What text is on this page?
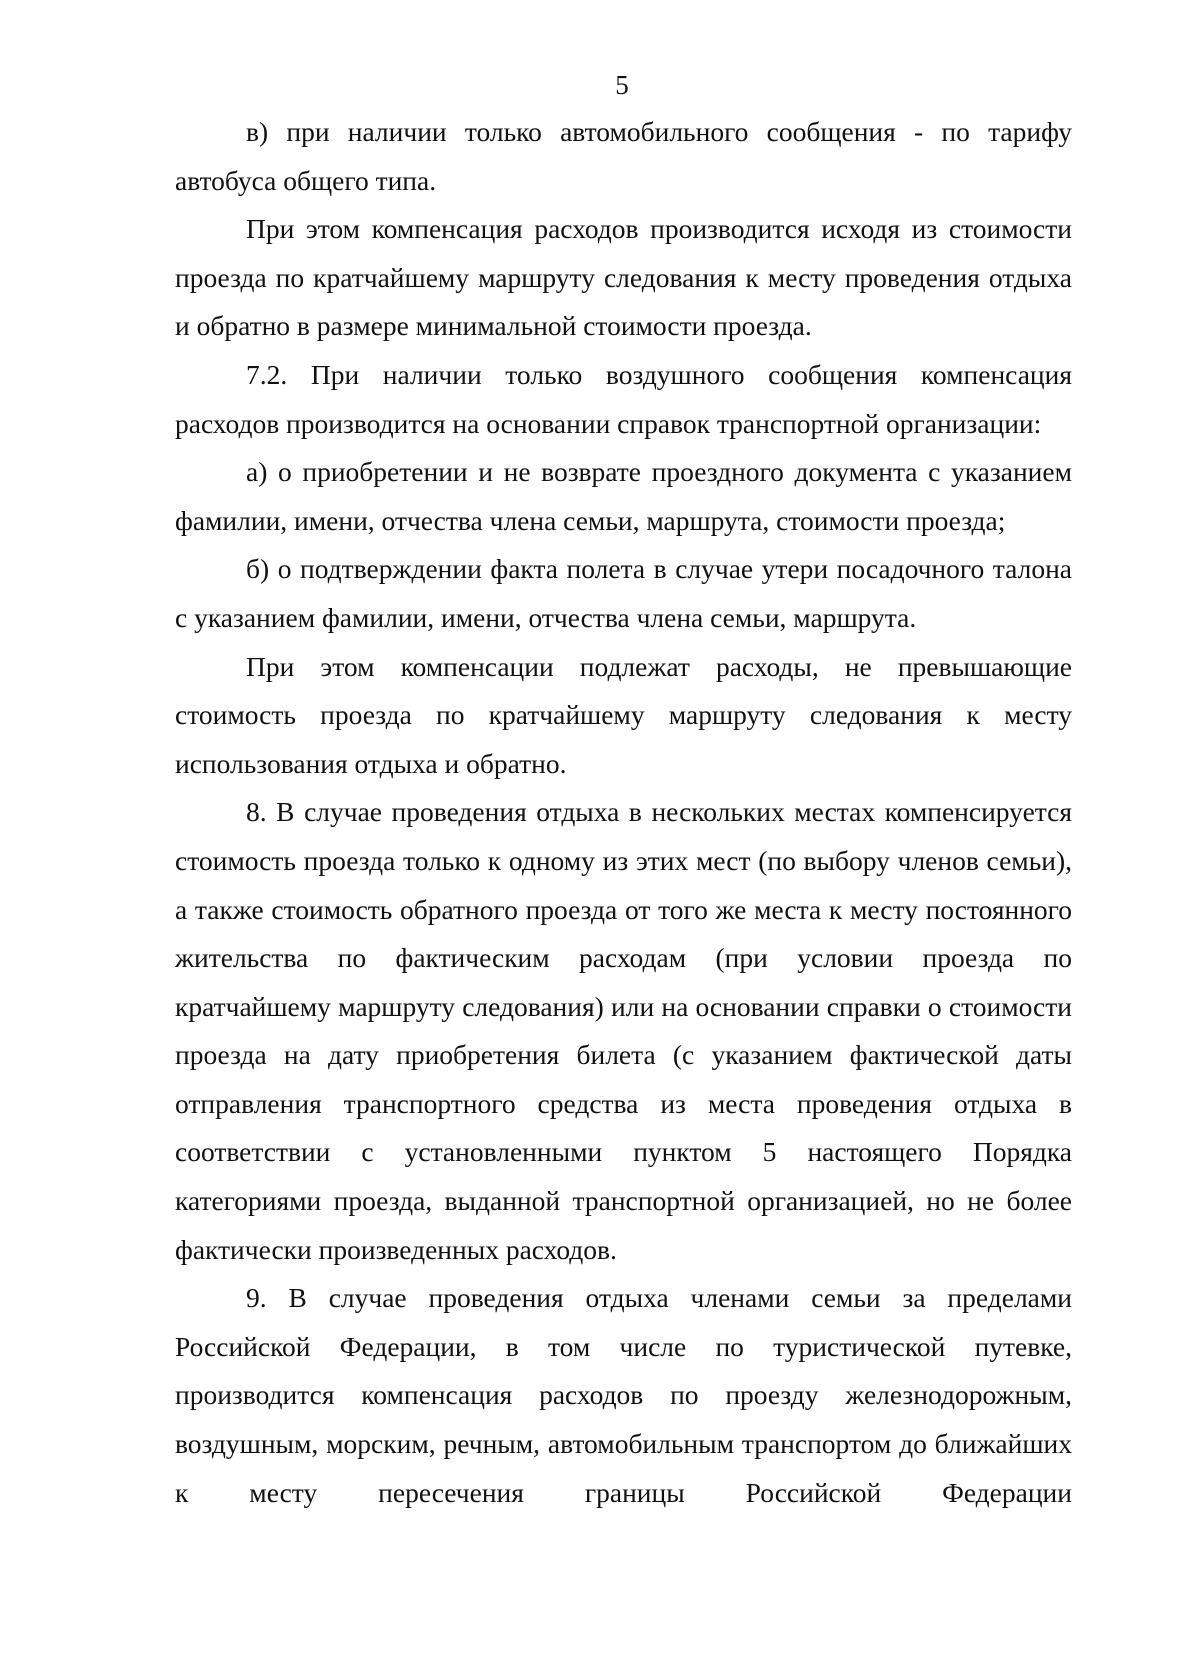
5

в) при наличии только автомобильного сообщения - по тарифу автобуса общего типа.

При этом компенсация расходов производится исходя из стоимости проезда по кратчайшему маршруту следования к месту проведения отдыха и обратно в размере минимальной стоимости проезда.

7.2. При наличии только воздушного сообщения компенсация расходов производится на основании справок транспортной организации:

а) о приобретении и не возврате проездного документа с указанием фамилии, имени, отчества члена семьи, маршрута, стоимости проезда;

б) о подтверждении факта полета в случае утери посадочного талона с указанием фамилии, имени, отчества члена семьи, маршрута.

При этом компенсации подлежат расходы, не превышающие стоимость проезда по кратчайшему маршруту следования к месту использования отдыха и обратно.

8. В случае проведения отдыха в нескольких местах компенсируется стоимость проезда только к одному из этих мест (по выбору членов семьи), а также стоимость обратного проезда от того же места к месту постоянного жительства по фактическим расходам (при условии проезда по кратчайшему маршруту следования) или на основании справки о стоимости проезда на дату приобретения билета (с указанием фактической даты отправления транспортного средства из места проведения отдыха в соответствии с установленными пунктом 5 настоящего Порядка категориями проезда, выданной транспортной организацией, но не более фактически произведенных расходов.

9. В случае проведения отдыха членами семьи за пределами Российской Федерации, в том числе по туристической путевке, производится компенсация расходов по проезду железнодорожным, воздушным, морским, речным, автомобильным транспортом до ближайших к месту пересечения границы Российской Федерации
